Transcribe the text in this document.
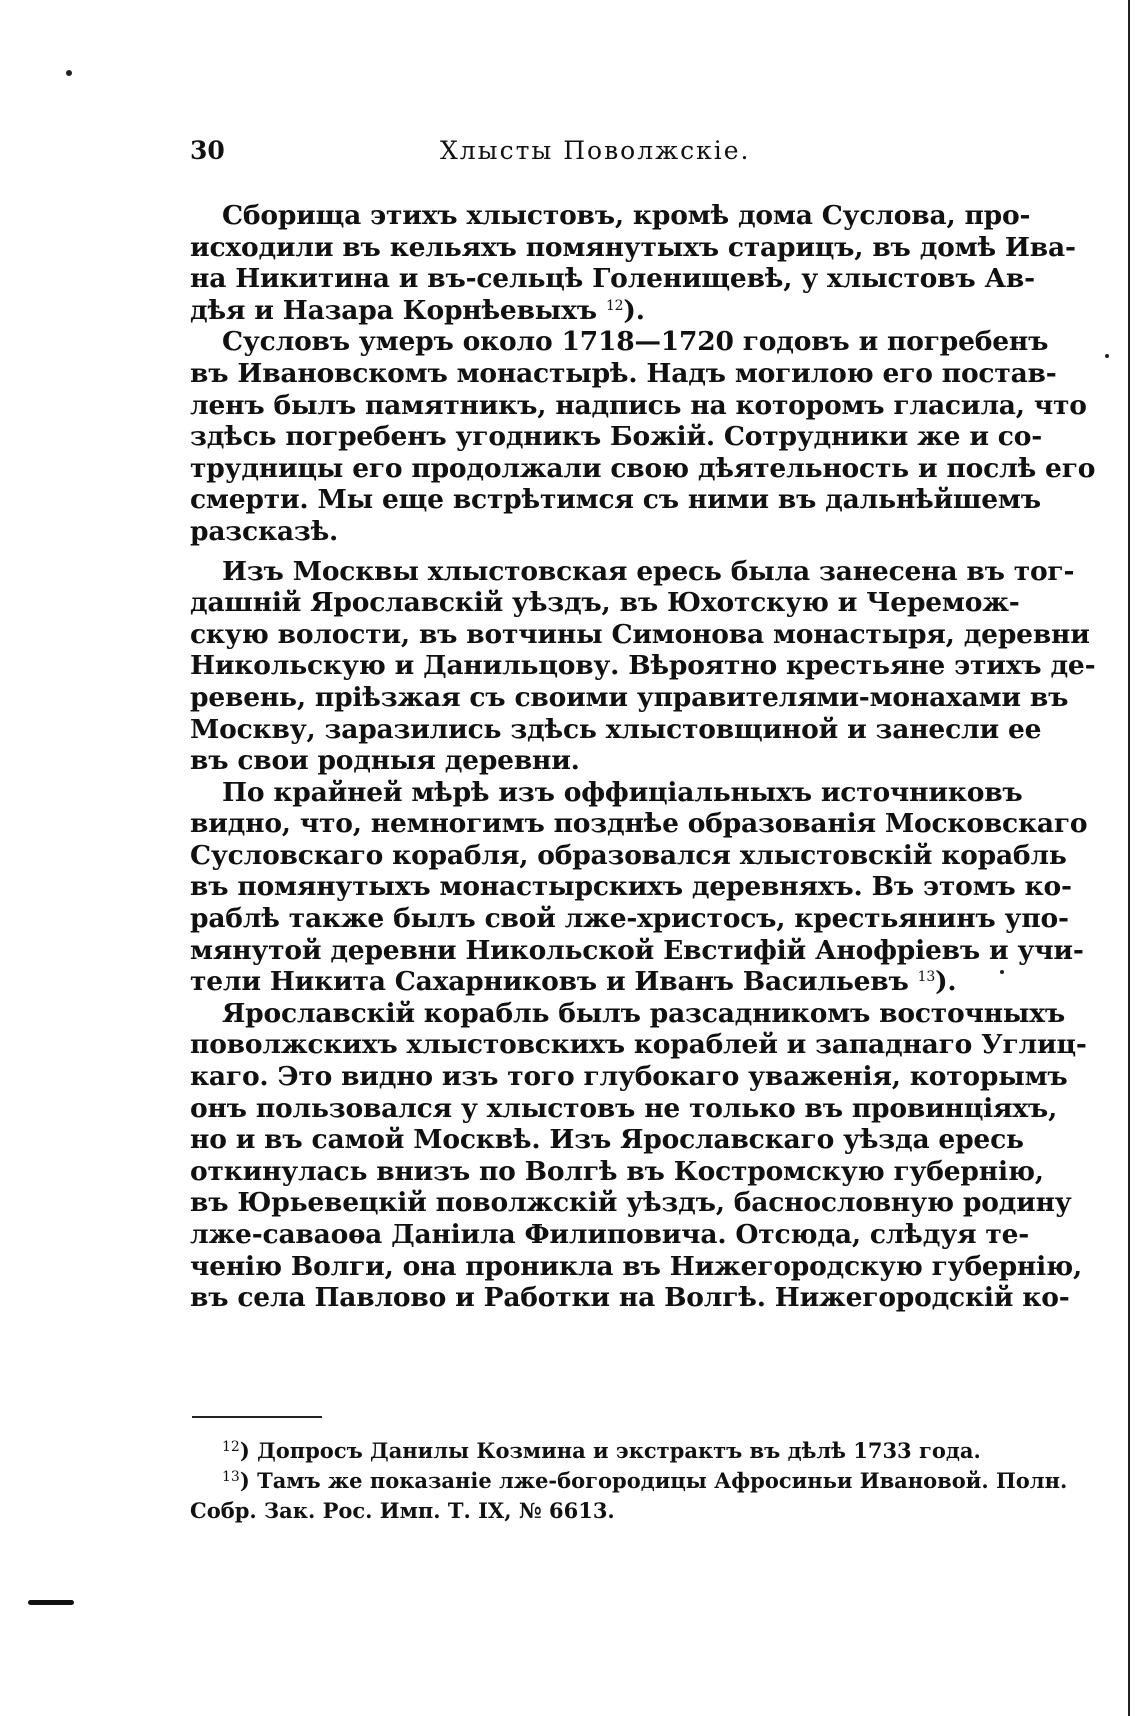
30	Хлысты Поволжскіе.
Сборища этихъ хлыстовъ, кромѣ дома Суслова, про-
исходили въ кельяхъ помянутыхъ старицъ, въ домѣ Ива-
на Никитина и въ-сельцѣ Голенищевѣ, у хлыстовъ Ав-
дѣя и Назара Корнѣевыхъ $^{12}$).
Сусловъ умеръ около 1718—1720 годовъ и погребенъ
въ Ивановскомъ монастырѣ. Надъ могилою его постав-
ленъ былъ памятникъ, надпись на которомъ гласила, что
здѣсь погребенъ угодникъ Божій. Сотрудники же и со-
трудницы его продолжали свою дѣятельность и послѣ его
смерти. Мы еще встрѣтимся съ ними въ дальнѣйшемъ
разсказѣ.
Изъ Москвы хлыстовская ересь была занесена въ тог-
дашній Ярославскій уѣздъ, въ Юхотскую и Черемож-
скую волости, въ вотчины Симонова монастыря, деревни
Никольскую и Данильцову. Вѣроятно крестьяне этихъ де-
ревень, пріѣзжая съ своими управителями-монахами въ
Москву, заразились здѣсь хлыстовщиной и занесли ее
въ свои родныя деревни.
По крайней мѣрѣ изъ оффиціальныхъ источниковъ
видно, что, немногимъ позднѣе образованія Московскаго
Сусловскаго корабля, образовался хлыстовскій корабль
въ помянутыхъ монастырскихъ деревняхъ. Въ этомъ ко-
раблѣ также былъ свой лже-христосъ, крестьянинъ упо-
мянутой деревни Никольской Евстифій Анофріевъ и учи-
тели Никита Сахарниковъ и Иванъ Васильевъ $^{13}$).
Ярославскій корабль былъ разсадникомъ восточныхъ
поволжскихъ хлыстовскихъ кораблей и западнаго Углиц-
каго. Это видно изъ того глубокаго уваженія, которымъ
онъ пользовался у хлыстовъ не только въ провинціяхъ,
но и въ самой Москвѣ. Изъ Ярославскаго уѣзда ересь
откинулась внизъ по Волгѣ въ Костромскую губернію,
въ Юрьевецкій поволжскій уѣздъ, баснословную родину
лже-саваоѳа Даніила Филиповича. Отсюда, слѣдуя те-
ченію Волги, она проникла въ Нижегородскую губернію,
въ села Павлово и Работки на Волгѣ. Нижегородскій ко-
$^{12}$) Допросъ Данилы Козмина и экстрактъ въ дѣлѣ 1733 года.
$^{13}$) Тамъ же показаніе лже-богородицы Афросиньи Ивановой. Полн.
Собр. Зак. Рос. Имп. Т. IX, № 6613.
